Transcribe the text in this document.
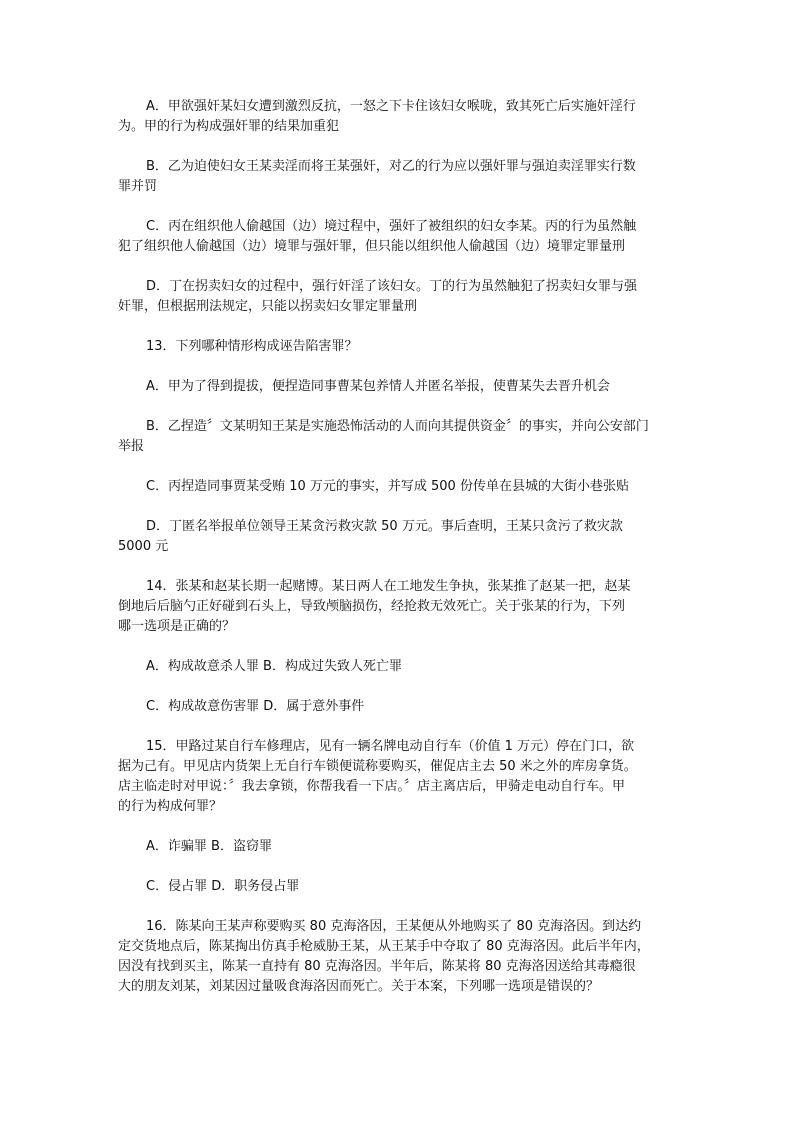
A．甲欲强奸某妇女遭到激烈反抗，一怒之下卡住该妇女喉咙，致其死亡后实施奸淫行
为。甲的行为构成强奸罪的结果加重犯

B．乙为迫使妇女王某卖淫而将王某强奸，对乙的行为应以强奸罪与强迫卖淫罪实行数
罪并罚

C．丙在组织他人偷越国（边）境过程中，强奸了被组织的妇女李某。丙的行为虽然触
犯了组织他人偷越国（边）境罪与强奸罪，但只能以组织他人偷越国（边）境罪定罪量刑

D．丁在拐卖妇女的过程中，强行奸淫了该妇女。丁的行为虽然触犯了拐卖妇女罪与强
奸罪，但根据刑法规定，只能以拐卖妇女罪定罪量刑

13．下列哪种情形构成诬告陷害罪？

A．甲为了得到提拔，便捏造同事曹某包养情人并匿名举报，使曹某失去晋升机会

B．乙捏造〞文某明知王某是实施恐怖活动的人而向其提供资金〞的事实，并向公安部门
举报

C．丙捏造同事贾某受贿 10 万元的事实，并写成 500 份传单在县城的大街小巷张贴

D．丁匿名举报单位领导王某贪污救灾款 50 万元。事后查明，王某只贪污了救灾款
5000 元

14．张某和赵某长期一起赌博。某日两人在工地发生争执，张某推了赵某一把，赵某
倒地后后脑勺正好碰到石头上，导致颅脑损伤，经抢救无效死亡。关于张某的行为，下列
哪一选项是正确的？

A．构成故意杀人罪 B．构成过失致人死亡罪

C．构成故意伤害罪 D．属于意外事件

15．甲路过某自行车修理店，见有一辆名牌电动自行车（价值 1 万元）停在门口，欲
据为己有。甲见店内货架上无自行车锁便谎称要购买，催促店主去 50 米之外的库房拿货。
店主临走时对甲说：〞我去拿锁，你帮我看一下店。〞店主离店后，甲骑走电动自行车。甲
的行为构成何罪？

A．诈骗罪 B．盗窃罪

C．侵占罪 D．职务侵占罪

16．陈某向王某声称要购买 80 克海洛因，王某便从外地购买了 80 克海洛因。到达约
定交货地点后，陈某掏出仿真手枪威胁王某，从王某手中夺取了 80 克海洛因。此后半年内，
因没有找到买主，陈某一直持有 80 克海洛因。半年后，陈某将 80 克海洛因送给其毒瘾很
大的朋友刘某，刘某因过量吸食海洛因而死亡。关于本案，下列哪一选项是错误的？
